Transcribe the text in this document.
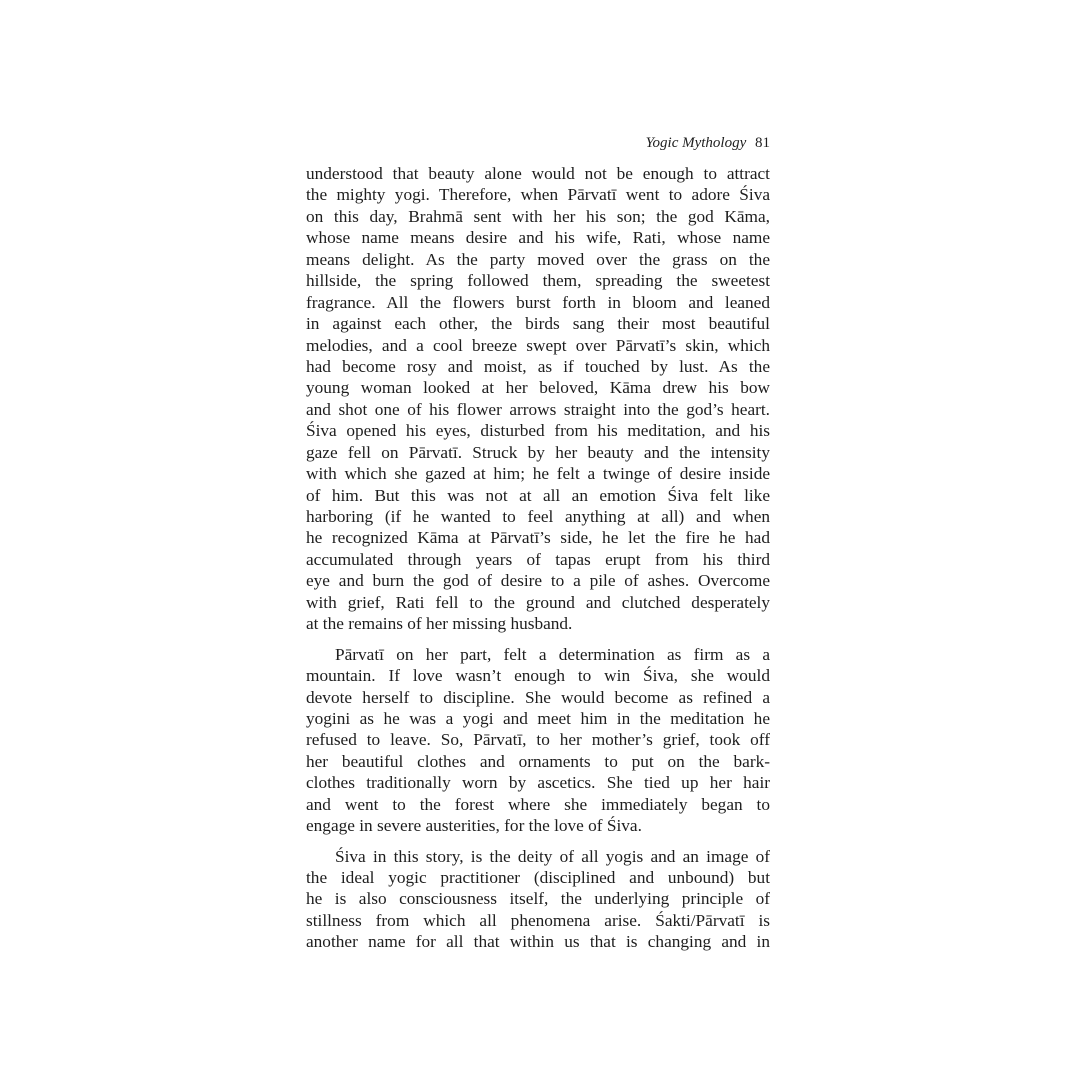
Yogic Mythology 81
understood that beauty alone would not be enough to attract
the mighty yogi. Therefore, when Pārvatī went to adore Śiva
on this day, Brahmā sent with her his son; the god Kāma,
whose name means desire and his wife, Rati, whose name
means delight. As the party moved over the grass on the
hillside, the spring followed them, spreading the sweetest
fragrance. All the flowers burst forth in bloom and leaned
in against each other, the birds sang their most beautiful
melodies, and a cool breeze swept over Pārvatī’s skin, which
had become rosy and moist, as if touched by lust. As the
young woman looked at her beloved, Kāma drew his bow
and shot one of his flower arrows straight into the god’s heart.
Śiva opened his eyes, disturbed from his meditation, and his
gaze fell on Pārvatī. Struck by her beauty and the intensity
with which she gazed at him; he felt a twinge of desire inside
of him. But this was not at all an emotion Śiva felt like
harboring (if he wanted to feel anything at all) and when
he recognized Kāma at Pārvatī’s side, he let the fire he had
accumulated through years of tapas erupt from his third
eye and burn the god of desire to a pile of ashes. Overcome
with grief, Rati fell to the ground and clutched desperately
at the remains of her missing husband.
Pārvatī on her part, felt a determination as firm as a
mountain. If love wasn’t enough to win Śiva, she would
devote herself to discipline. She would become as refined a
yogini as he was a yogi and meet him in the meditation he
refused to leave. So, Pārvatī, to her mother’s grief, took off
her beautiful clothes and ornaments to put on the bark-
clothes traditionally worn by ascetics. She tied up her hair
and went to the forest where she immediately began to
engage in severe austerities, for the love of Śiva.
Śiva in this story, is the deity of all yogis and an image of
the ideal yogic practitioner (disciplined and unbound) but
he is also consciousness itself, the underlying principle of
stillness from which all phenomena arise. Śakti/Pārvatī is
another name for all that within us that is changing and in
